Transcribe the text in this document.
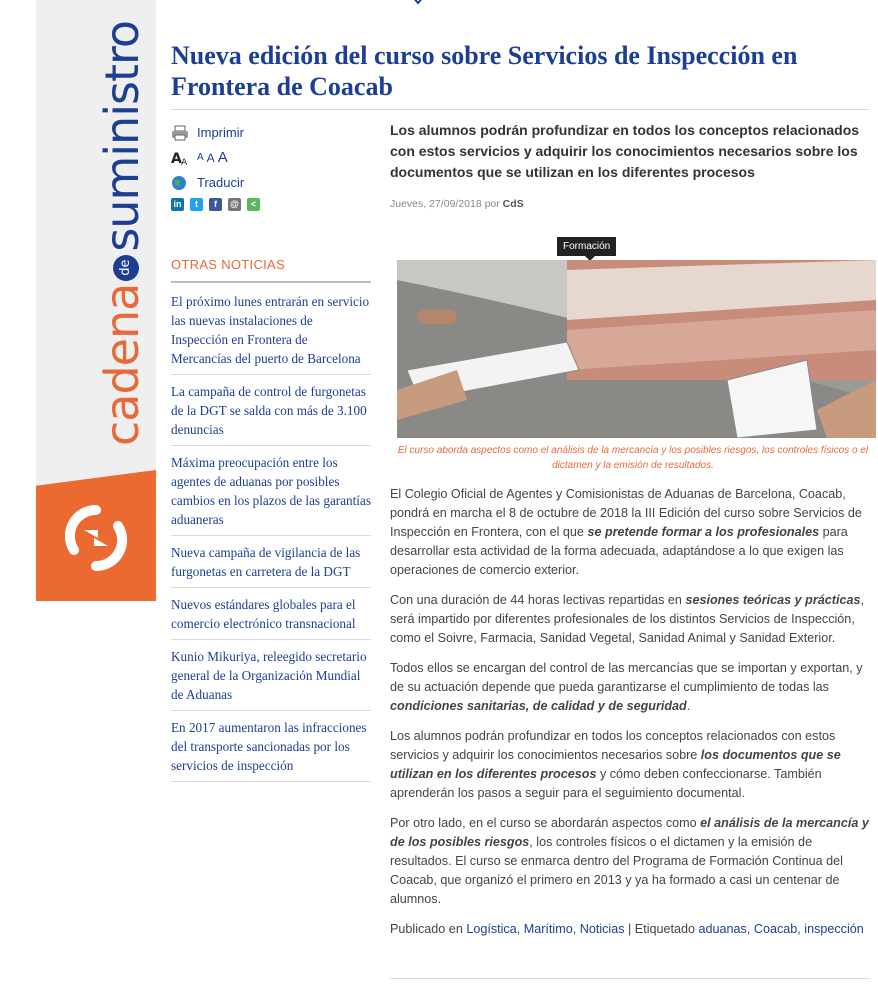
cadenadesuministro Nueva edición del curso sobre Servicios de Inspección en Frontera de Coacab
Imprimir
A A A A A
Traducir
in	t	f	@	<
OTRAS NOTICIAS
El próximo lunes entrarán en servicio las nuevas instalaciones de Inspección en Frontera de Mercancías del puerto de Barcelona
La campaña de control de furgonetas de la DGT se salda con más de 3.100 denuncias
Máxima preocupación entre los agentes de aduanas por posibles cambios en los plazos de las garantías aduaneras
Nueva campaña de vigilancia de las furgonetas en carretera de la DGT
Nuevos estándares globales para el comercio electrónico transnacional
Kunio Mikuriya, releegido secretario general de la Organización Mundial de Aduanas
En 2017 aumentaron las infracciones del transporte sancionadas por los servicios de inspección
Los alumnos podrán profundizar en todos los conceptos relacionados con estos servicios y adquirir los conocimientos necesarios sobre los documentos que se utilizan en los diferentes procesos
Jueves, 27/09/2018 por CdS
Formación
El curso aborda aspectos como el análisis de la mercancía y los posibles riesgos, los controles físicos o el dictamen y la emisión de resultados.

El Colegio Oficial de Agentes y Comisionistas de Aduanas de Barcelona, Coacab, pondrá en marcha el 8 de octubre de 2018 la III Edición del curso sobre Servicios de Inspección en Frontera, con el que se pretende formar a los profesionales para desarrollar esta actividad de la forma adecuada, adaptándose a lo que exigen las operaciones de comercio exterior.

Con una duración de 44 horas lectivas repartidas en sesiones teóricas y prácticas, será impartido por diferentes profesionales de los distintos Servicios de Inspección, como el Soivre, Farmacia, Sanidad Vegetal, Sanidad Animal y Sanidad Exterior.

Todos ellos se encargan del control de las mercancías que se importan y exportan, y de su actuación depende que pueda garantizarse el cumplimiento de todas las condiciones sanitarias, de calidad y de seguridad.

Los alumnos podrán profundizar en todos los conceptos relacionados con estos servicios y adquirir los conocimientos necesarios sobre los documentos que se utilizan en los diferentes procesos y cómo deben confeccionarse. También aprenderán los pasos a seguir para el seguimiento documental.

Por otro lado, en el curso se abordarán aspectos como el análisis de la mercancía y de los posibles riesgos, los controles físicos o el dictamen y la emisión de resultados. El curso se enmarca dentro del Programa de Formación Continua del Coacab, que organizó el primero en 2013 y ya ha formado a casi un centenar de alumnos.

Publicado en Logística, Marítimo, Noticias | Etiquetado aduanas, Coacab, inspección
